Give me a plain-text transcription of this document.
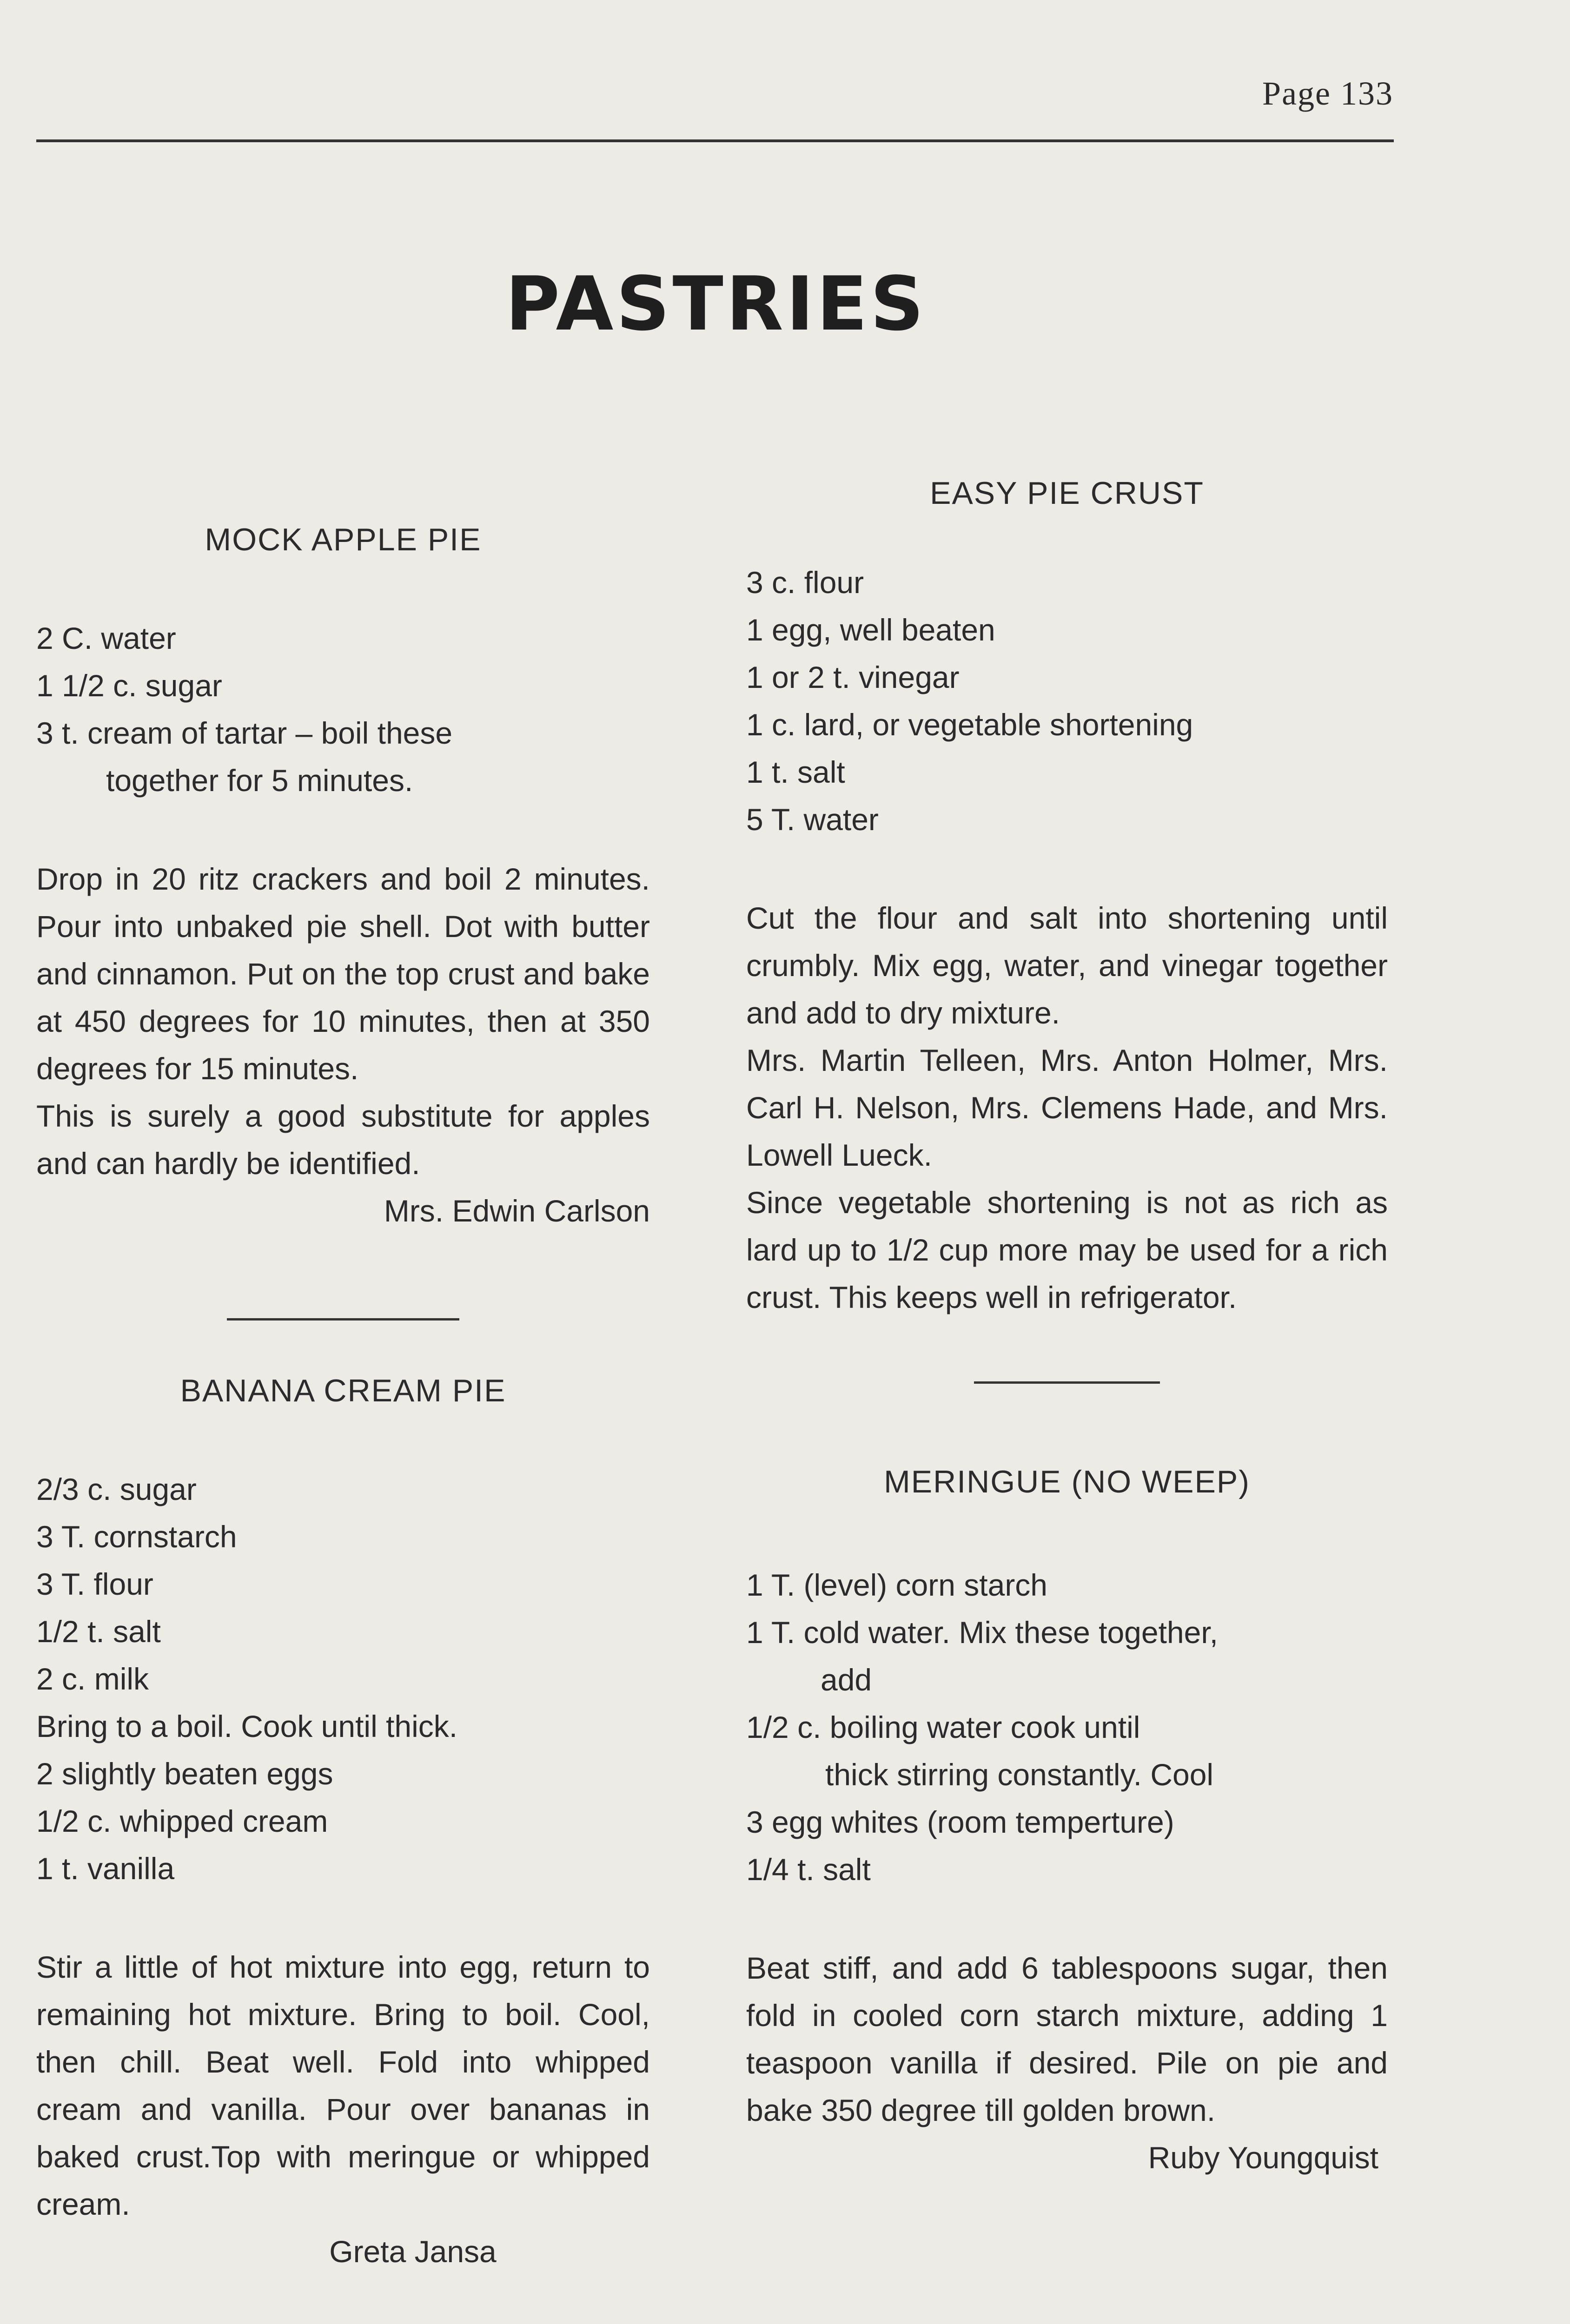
Page 133
PASTRIES
MOCK APPLE PIE

2 C. water

1 1/2 c. sugar

3 t. cream of tartar – boil these

together for 5 minutes.

Drop in 20 ritz crackers and boil 2 minutes. Pour into unbaked pie shell. Dot with butter and cinnamon. Put on the top crust and bake at 450 degrees for 10 minutes, then at 350 degrees for 15 minutes.

This is surely a good substitute for apples and can hardly be identified.

Mrs. Edwin Carlson
BANANA CREAM PIE

2/3 c. sugar

3 T. cornstarch

3 T. flour

1/2 t. salt

2 c. milk

Bring to a boil. Cook until thick.

2 slightly beaten eggs

1/2 c. whipped cream

1 t. vanilla

Stir a little of hot mixture into egg, return to remaining hot mixture. Bring to boil. Cool, then chill. Beat well. Fold into whipped cream and vanilla. Pour over bananas in baked crust.Top with meringue or whipped cream.

Greta Jansa
EASY PIE CRUST

3 c. flour

1 egg, well beaten

1 or 2 t. vinegar

1 c. lard, or vegetable shortening

1 t. salt

5 T. water

Cut the flour and salt into shortening until crumbly. Mix egg, water, and vinegar together and add to dry mixture.

Mrs. Martin Telleen, Mrs. Anton Holmer, Mrs. Carl H. Nelson, Mrs. Clemens Hade, and Mrs. Lowell Lueck.

Since vegetable shortening is not as rich as lard up to 1/2 cup more may be used for a rich crust. This keeps well in refrigerator.

MERINGUE (NO WEEP)

1 T. (level) corn starch

1 T. cold water. Mix these together,

add

1/2 c. boiling water cook until

thick stirring constantly. Cool

3 egg whites (room temperture)

1/4 t. salt

Beat stiff, and add 6 tablespoons sugar, then fold in cooled corn starch mixture, adding 1 teaspoon vanilla if desired. Pile on pie and bake 350 degree till golden brown.

Ruby Youngquist
